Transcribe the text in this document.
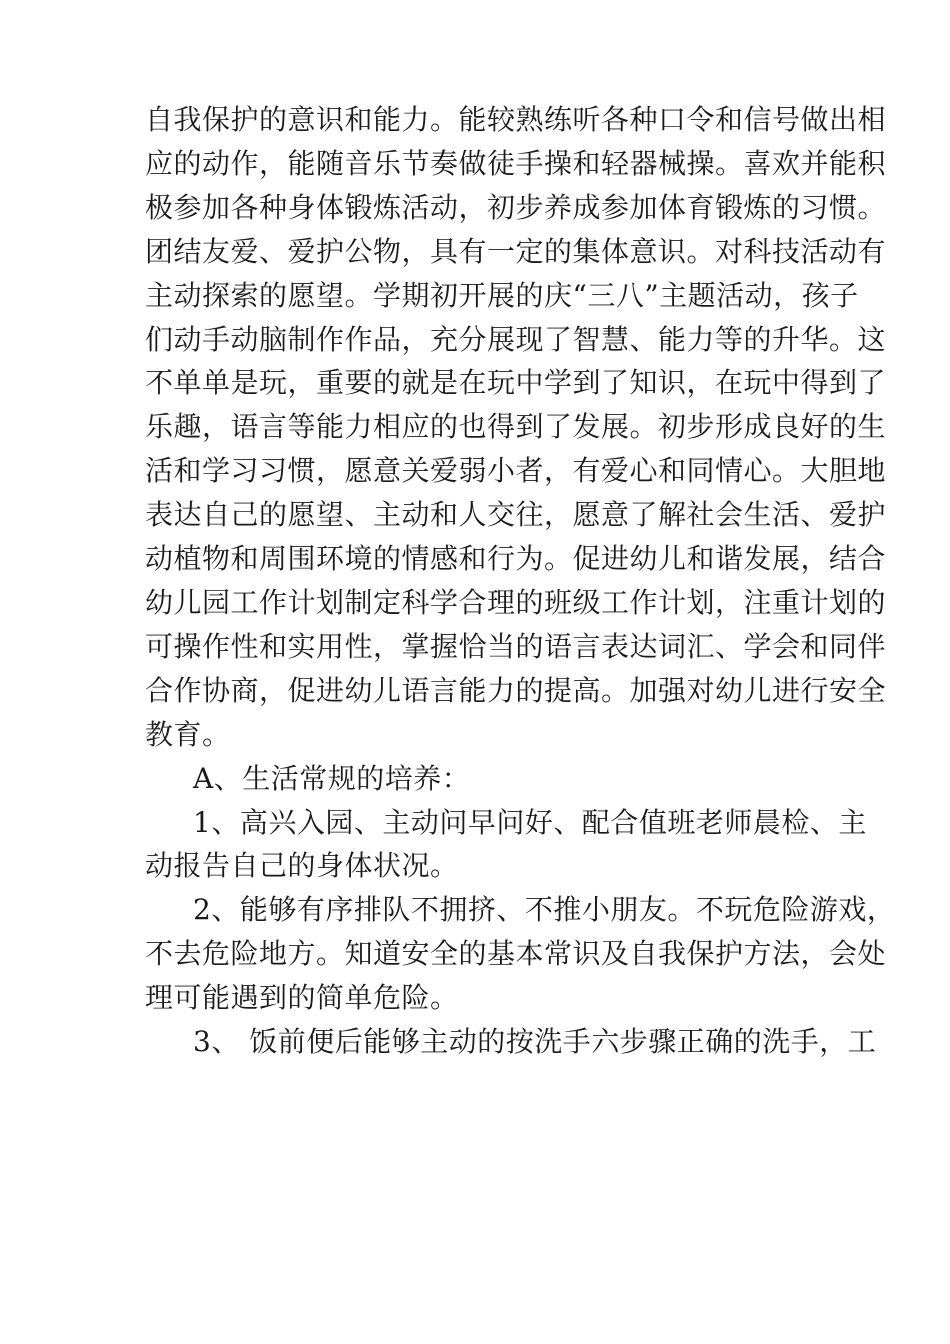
自我保护的意识和能力。能较熟练听各种口令和信号做出相
应的动作，能随音乐节奏做徒手操和轻器械操。喜欢并能积
极参加各种身体锻炼活动，初步养成参加体育锻炼的习惯。
团结友爱、爱护公物，具有一定的集体意识。对科技活动有
主动探索的愿望。学期初开展的庆“三八”主题活动，孩子
们动手动脑制作作品，充分展现了智慧、能力等的升华。这
不单单是玩，重要的就是在玩中学到了知识，在玩中得到了
乐趣，语言等能力相应的也得到了发展。初步形成良好的生
活和学习习惯，愿意关爱弱小者，有爱心和同情心。大胆地
表达自己的愿望、主动和人交往，愿意了解社会生活、爱护
动植物和周围环境的情感和行为。促进幼儿和谐发展，结合
幼儿园工作计划制定科学合理的班级工作计划，注重计划的
可操作性和实用性，掌握恰当的语言表达词汇、学会和同伴
合作协商，促进幼儿语言能力的提高。加强对幼儿进行安全
教育。
A、生活常规的培养：
1、高兴入园、主动问早问好、配合值班老师晨检、主
动报告自己的身体状况。
2、能够有序排队不拥挤、不推小朋友。不玩危险游戏，
不去危险地方。知道安全的基本常识及自我保护方法，会处
理可能遇到的简单危险。
3、 饭前便后能够主动的按洗手六步骤正确的洗手，工
